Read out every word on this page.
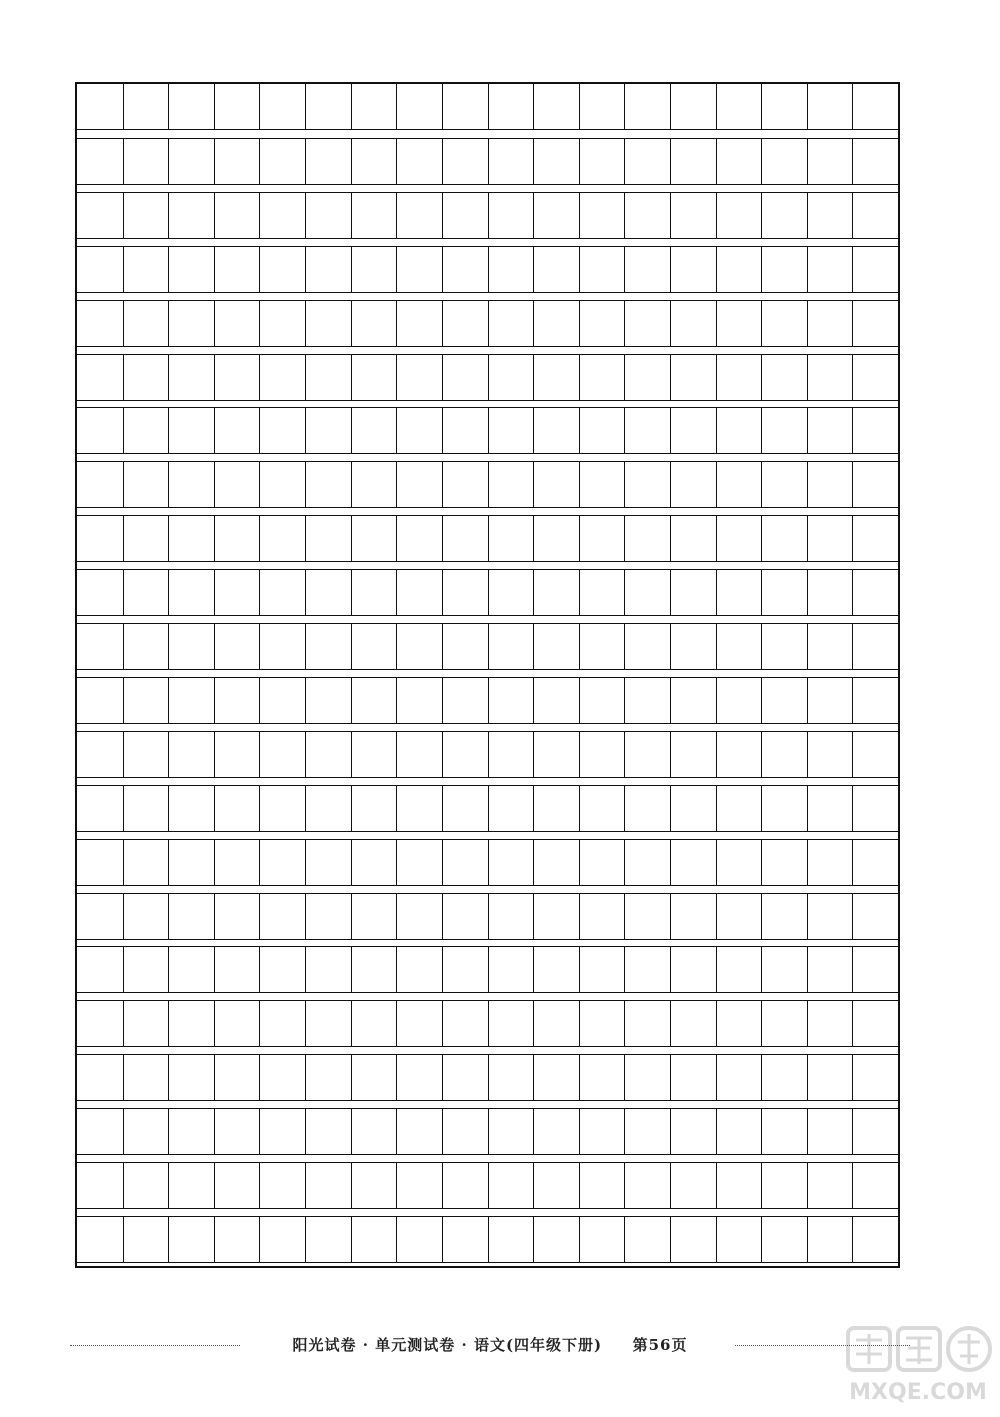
阳光试卷 · 单元测试卷 · 语文(四年级下册) 第56页
MXQE.COM
